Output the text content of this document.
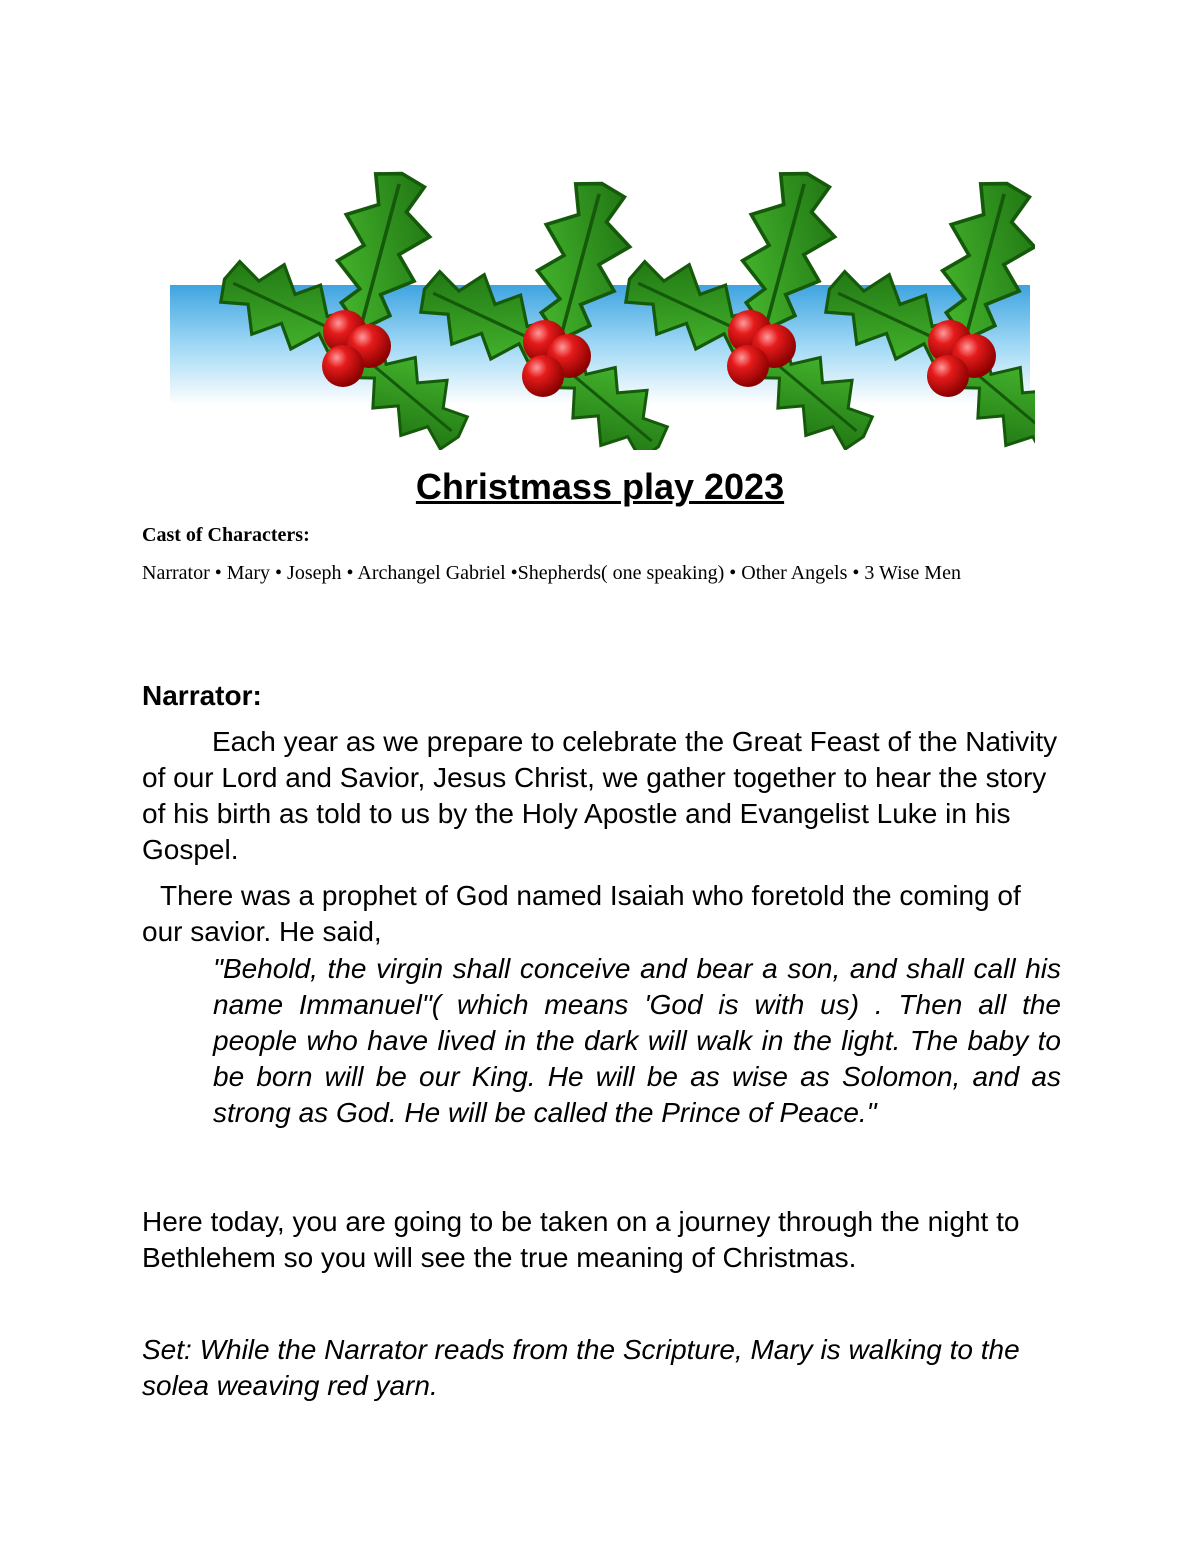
Christmass play 2023
Cast of Characters:
Narrator • Mary • Joseph • Archangel Gabriel •Shepherds( one speaking) • Other Angels • 3 Wise Men
Narrator:
Each year as we prepare to celebrate the Great Feast of the Nativity of our Lord and Savior, Jesus Christ, we gather together to hear the story of his birth as told to us by the Holy Apostle and Evangelist Luke in his Gospel.
There was a prophet of God named Isaiah who foretold the coming of our savior. He said,
"Behold, the virgin shall conceive and bear a son, and shall call his name Immanuel"( which means 'God is with us) . Then all the people who have lived in the dark will walk in the light. The baby to be born will be our King. He will be as wise as Solomon, and as strong as God. He will be called the Prince of Peace."
Here today, you are going to be taken on a journey through the night to Bethlehem so you will see the true meaning of Christmas.
Set: While the Narrator reads from the Scripture, Mary is walking to the solea weaving red yarn.
